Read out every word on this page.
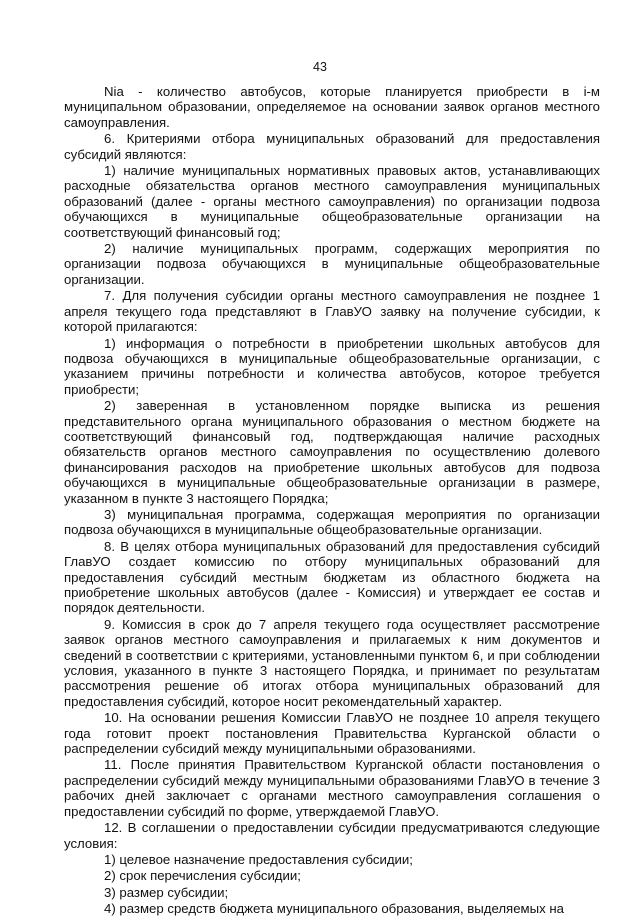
43

Nia - количество автобусов, которые планируется приобрести в i-м муниципальном образовании, определяемое на основании заявок органов местного самоуправления.

6. Критериями отбора муниципальных образований для предоставления субсидий являются:

1) наличие муниципальных нормативных правовых актов, устанавливающих расходные обязательства органов местного самоуправления муниципальных образований (далее - органы местного самоуправления) по организации подвоза обучающихся в муниципальные общеобразовательные организации на соответствующий финансовый год;

2) наличие муниципальных программ, содержащих мероприятия по организации подвоза обучающихся в муниципальные общеобразовательные организации.

7. Для получения субсидии органы местного самоуправления не позднее 1 апреля текущего года представляют в ГлавУО заявку на получение субсидии, к которой прилагаются:

1) информация о потребности в приобретении школьных автобусов для подвоза обучающихся в муниципальные общеобразовательные организации, с указанием причины потребности и количества автобусов, которое требуется приобрести;

2) заверенная в установленном порядке выписка из решения представительного органа муниципального образования о местном бюджете на соответствующий финансовый год, подтверждающая наличие расходных обязательств органов местного самоуправления по осуществлению долевого финансирования расходов на приобретение школьных автобусов для подвоза обучающихся в муниципальные общеобразовательные организации в размере, указанном в пункте 3 настоящего Порядка;

3) муниципальная программа, содержащая мероприятия по организации подвоза обучающихся в муниципальные общеобразовательные организации.

8. В целях отбора муниципальных образований для предоставления субсидий ГлавУО создает комиссию по отбору муниципальных образований для предоставления субсидий местным бюджетам из областного бюджета на приобретение школьных автобусов (далее - Комиссия) и утверждает ее состав и порядок деятельности.

9. Комиссия в срок до 7 апреля текущего года осуществляет рассмотрение заявок органов местного самоуправления и прилагаемых к ним документов и сведений в соответствии с критериями, установленными пунктом 6, и при соблюдении условия, указанного в пункте 3 настоящего Порядка, и принимает по результатам рассмотрения решение об итогах отбора муниципальных образований для предоставления субсидий, которое носит рекомендательный характер.

10. На основании решения Комиссии ГлавУО не позднее 10 апреля текущего года готовит проект постановления Правительства Курганской области о распределении субсидий между муниципальными образованиями.

11. После принятия Правительством Курганской области постановления о распределении субсидий между муниципальными образованиями ГлавУО в течение 3 рабочих дней заключает с органами местного самоуправления соглашения о предоставлении субсидий по форме, утверждаемой ГлавУО.

12. В соглашении о предоставлении субсидии предусматриваются следующие условия:

1) целевое назначение предоставления субсидии;

2) срок перечисления субсидии;

3) размер субсидии;

4) размер средств бюджета муниципального образования, выделяемых на
